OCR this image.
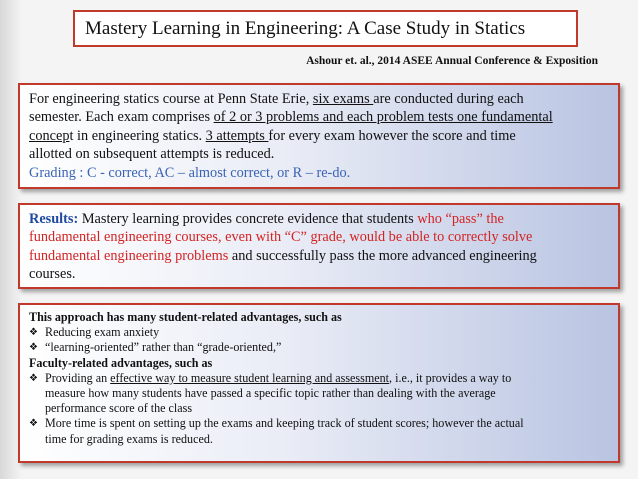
Mastery Learning in Engineering: A Case Study in Statics
Ashour et. al., 2014 ASEE Annual Conference & Exposition
For engineering statics course at Penn State Erie, six exams are conducted during each
semester. Each exam comprises of 2 or 3 problems and each problem tests one fundamental
concept in engineering statics. 3 attempts for every exam however the score and time
allotted on subsequent attempts is reduced.
Grading : C - correct, AC – almost correct, or R – re-do.
Results: Mastery learning provides concrete evidence that students who “pass” the
fundamental engineering courses, even with “C” grade, would be able to correctly solve
fundamental engineering problems and successfully pass the more advanced engineering
courses.
This approach has many student-related advantages, such as
❖ Reducing exam anxiety
❖ “learning-oriented” rather than “grade-oriented,”
Faculty-related advantages, such as
❖ Providing an effective way to measure student learning and assessment, i.e., it provides a way to
measure how many students have passed a specific topic rather than dealing with the average
performance score of the class
❖ More time is spent on setting up the exams and keeping track of student scores; however the actual
time for grading exams is reduced.
